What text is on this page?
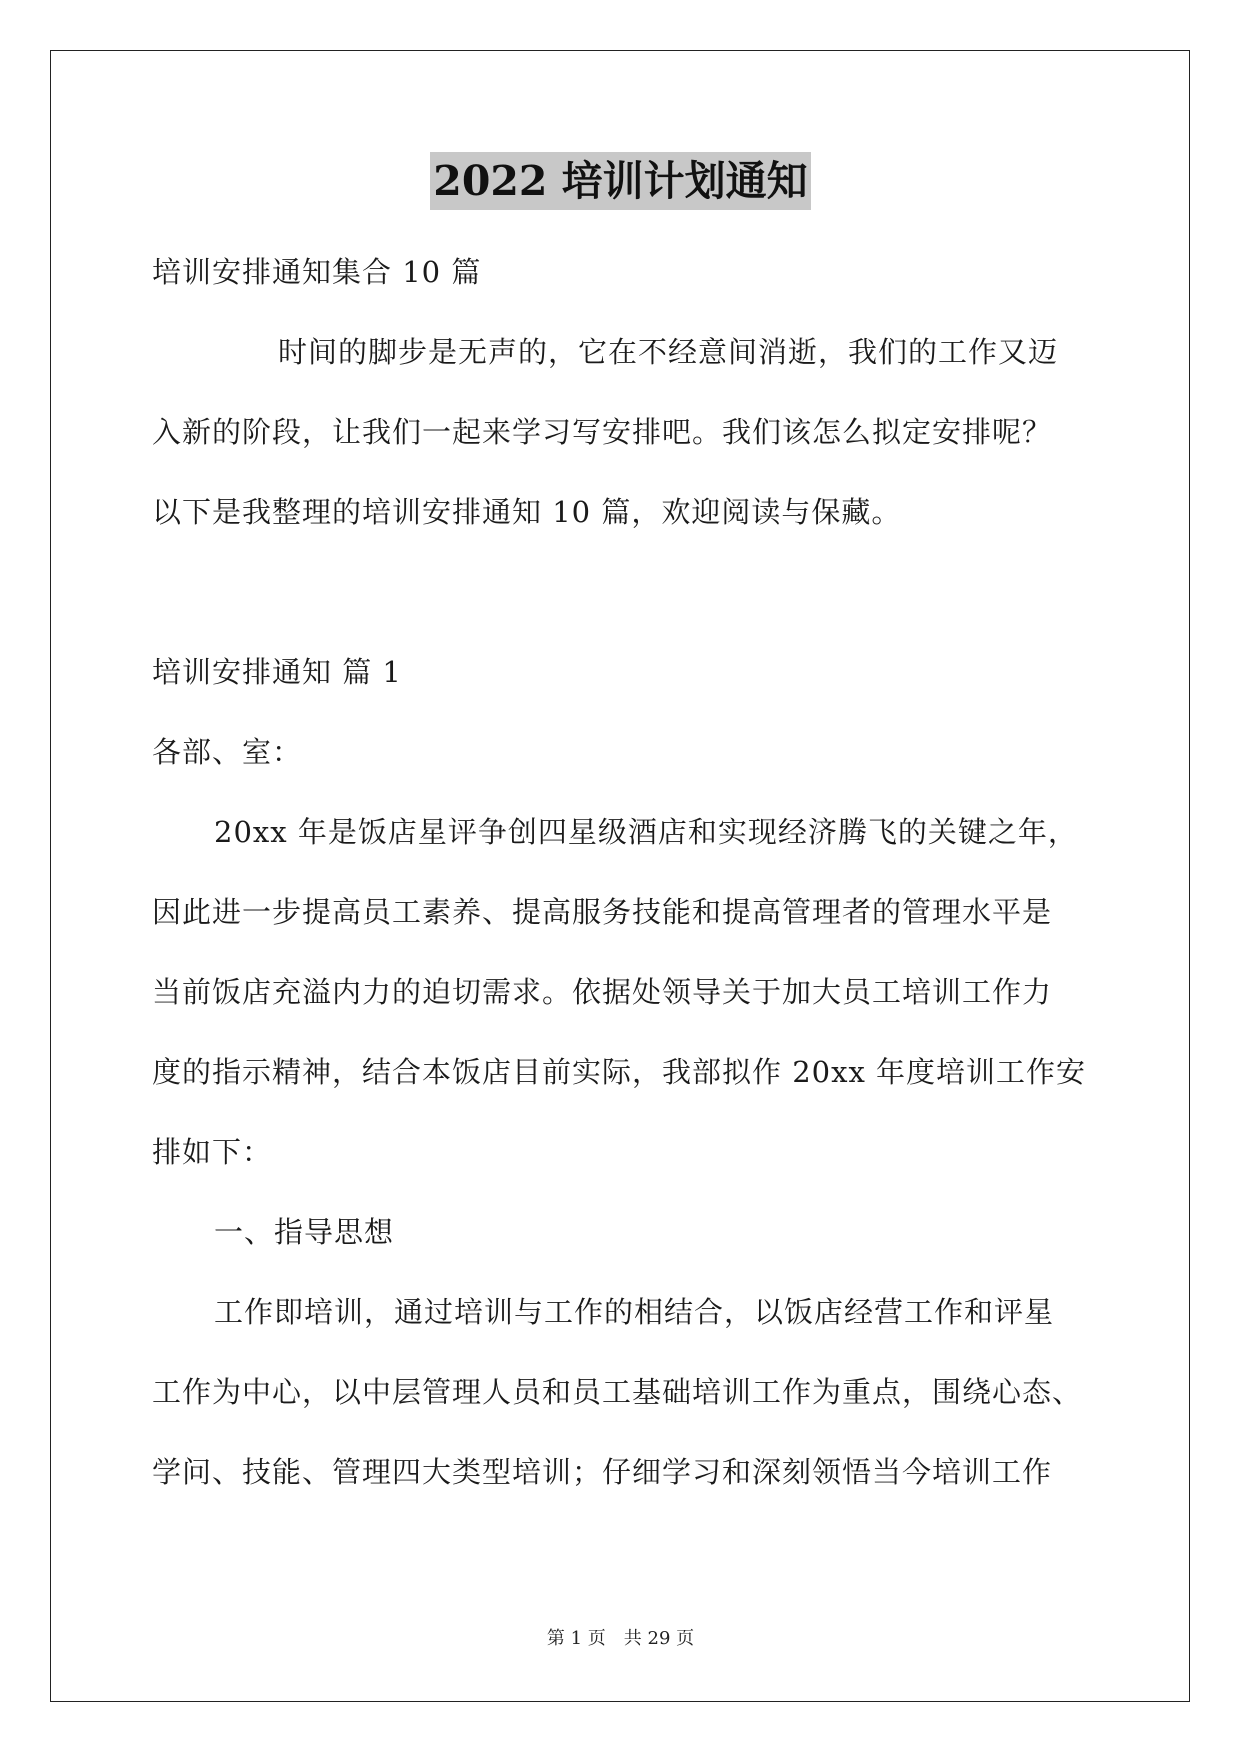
2022 培训计划通知
培训安排通知集合 10 篇
时间的脚步是无声的，它在不经意间消逝，我们的工作又迈
入新的阶段，让我们一起来学习写安排吧。我们该怎么拟定安排呢？
以下是我整理的培训安排通知 10 篇，欢迎阅读与保藏。
培训安排通知 篇 1
各部、室：
20xx 年是饭店星评争创四星级酒店和实现经济腾飞的关键之年，
因此进一步提高员工素养、提高服务技能和提高管理者的管理水平是
当前饭店充溢内力的迫切需求。依据处领导关于加大员工培训工作力
度的指示精神，结合本饭店目前实际，我部拟作 20xx 年度培训工作安
排如下：
一、指导思想
工作即培训，通过培训与工作的相结合，以饭店经营工作和评星
工作为中心，以中层管理人员和员工基础培训工作为重点，围绕心态、
学问、技能、管理四大类型培训；仔细学习和深刻领悟当今培训工作
第 1 页 共 29 页
